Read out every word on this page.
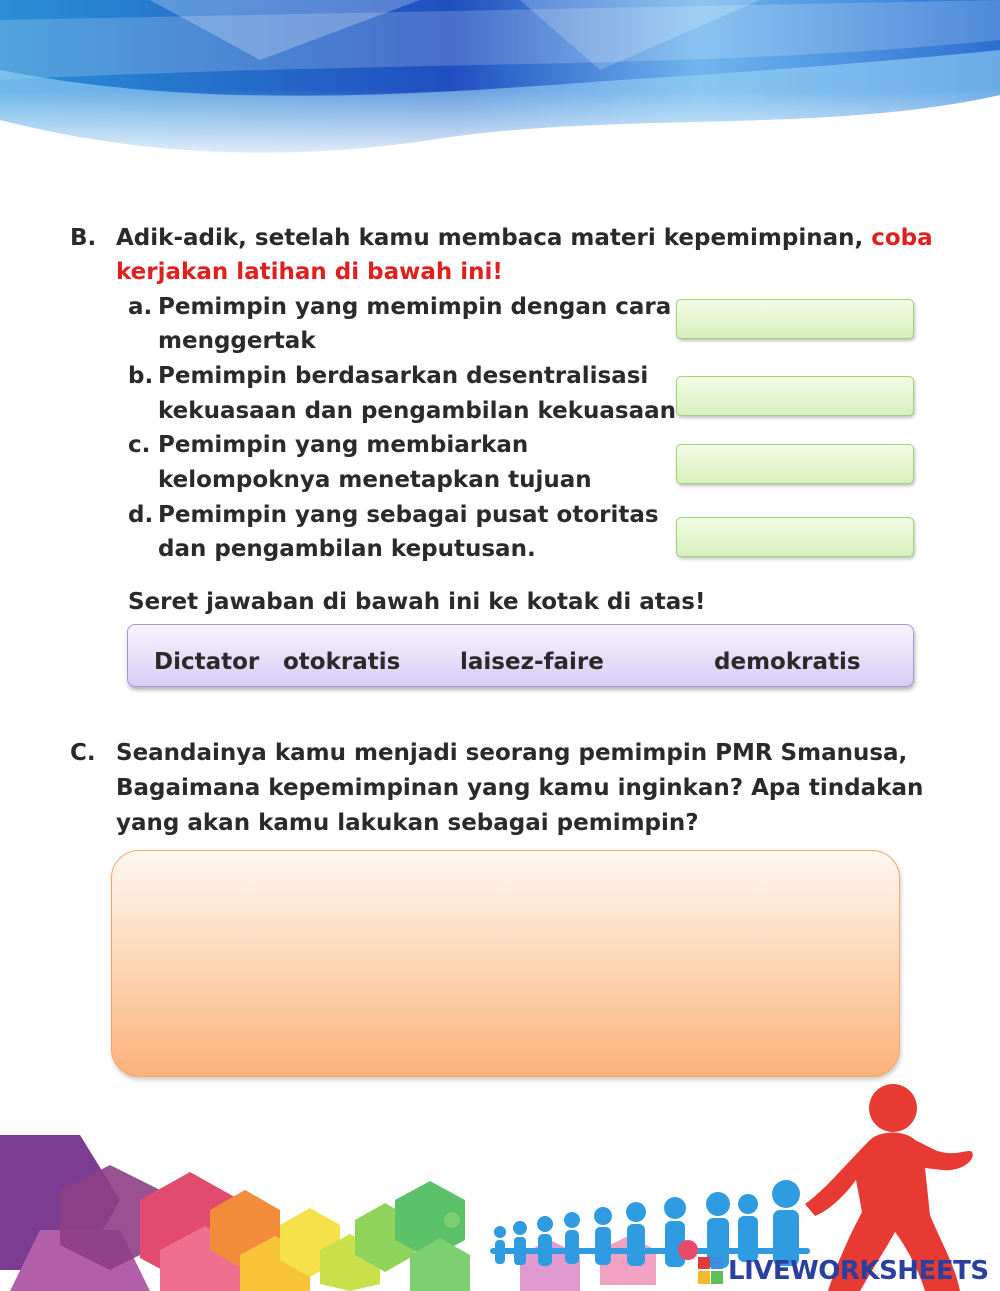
B. Adik-adik, setelah kamu membaca materi kepemimpinan, coba
kerjakan latihan di bawah ini!
a. Pemimpin yang memimpin dengan cara
menggertak
b. Pemimpin berdasarkan desentralisasi
kekuasaan dan pengambilan kekuasaan
c. Pemimpin yang membiarkan
kelompoknya menetapkan tujuan
d. Pemimpin yang sebagai pusat otoritas
dan pengambilan keputusan.
Seret jawaban di bawah ini ke kotak di atas!
Dictator otokratis	laisez-faire	demokratis
C. Seandainya kamu menjadi seorang pemimpin PMR Smanusa,
Bagaimana kepemimpinan yang kamu inginkan? Apa tindakan
yang akan kamu lakukan sebagai pemimpin?
LIVEWORKSHEETS
